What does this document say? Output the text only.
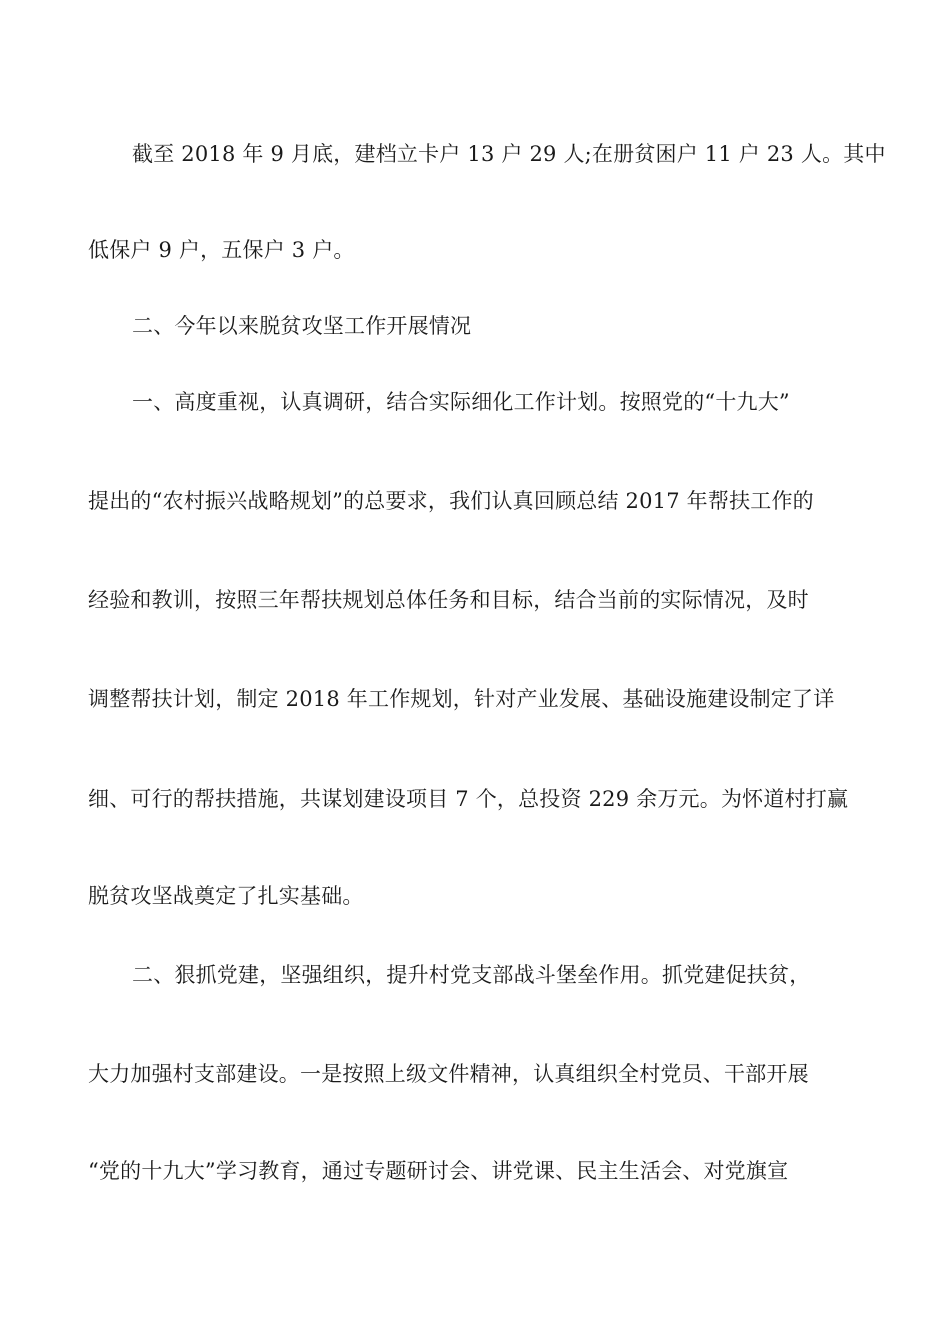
截至 2018 年 9 月底，建档立卡户 13 户 29 人;在册贫困户 11 户 23 人。其中
低保户 9 户，五保户 3 户。
二、今年以来脱贫攻坚工作开展情况
一、高度重视，认真调研，结合实际细化工作计划。按照党的“十九大”
提出的“农村振兴战略规划”的总要求，我们认真回顾总结 2017 年帮扶工作的
经验和教训，按照三年帮扶规划总体任务和目标，结合当前的实际情况，及时
调整帮扶计划，制定 2018 年工作规划，针对产业发展、基础设施建设制定了详
细、可行的帮扶措施，共谋划建设项目 7 个，总投资 229 余万元。为怀道村打赢
脱贫攻坚战奠定了扎实基础。
二、狠抓党建，坚强组织，提升村党支部战斗堡垒作用。抓党建促扶贫，
大力加强村支部建设。一是按照上级文件精神，认真组织全村党员、干部开展
“党的十九大”学习教育，通过专题研讨会、讲党课、民主生活会、对党旗宣
